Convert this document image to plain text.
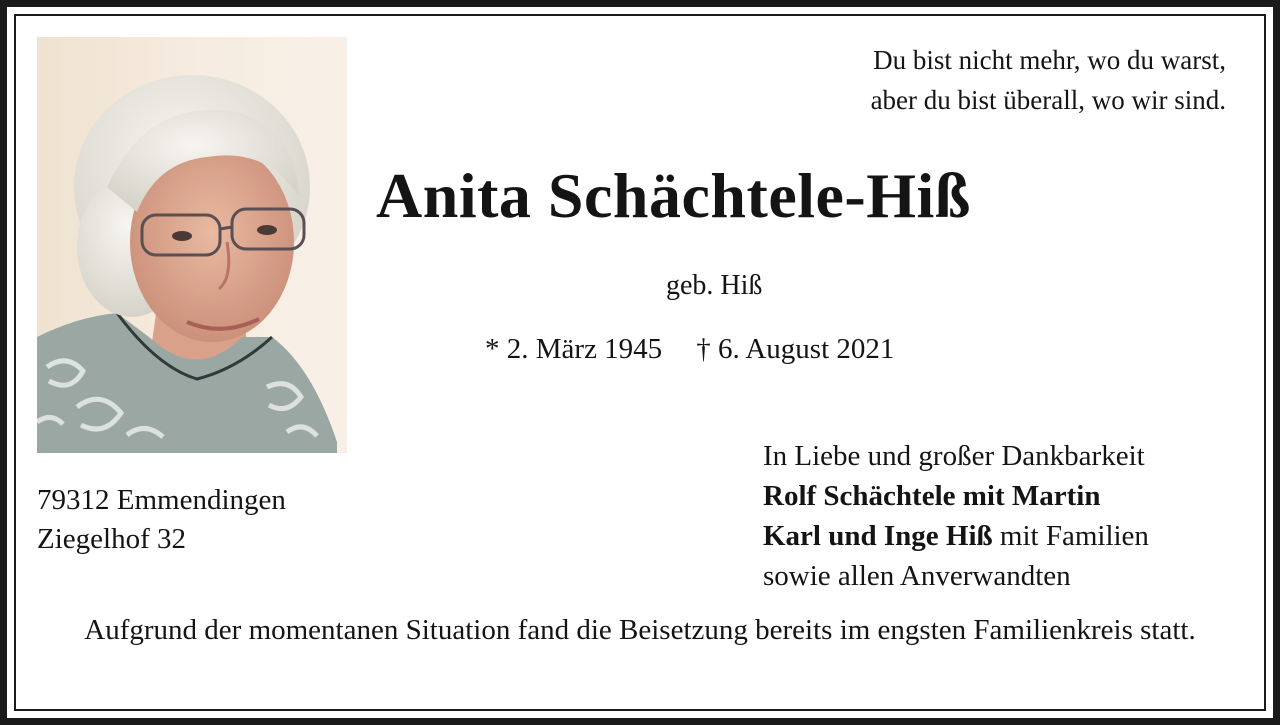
Du bist nicht mehr, wo du warst,
aber du bist überall, wo wir sind.
Anita Schächtele-Hiß
geb. Hiß
* 2. März 1945 † 6. August 2021
79312 Emmendingen
Ziegelhof 32
In Liebe und großer Dankbarkeit
Rolf Schächtele mit Martin
Karl und Inge Hiß mit Familien
sowie allen Anverwandten
Aufgrund der momentanen Situation fand die Beisetzung bereits im engsten Familienkreis statt.
